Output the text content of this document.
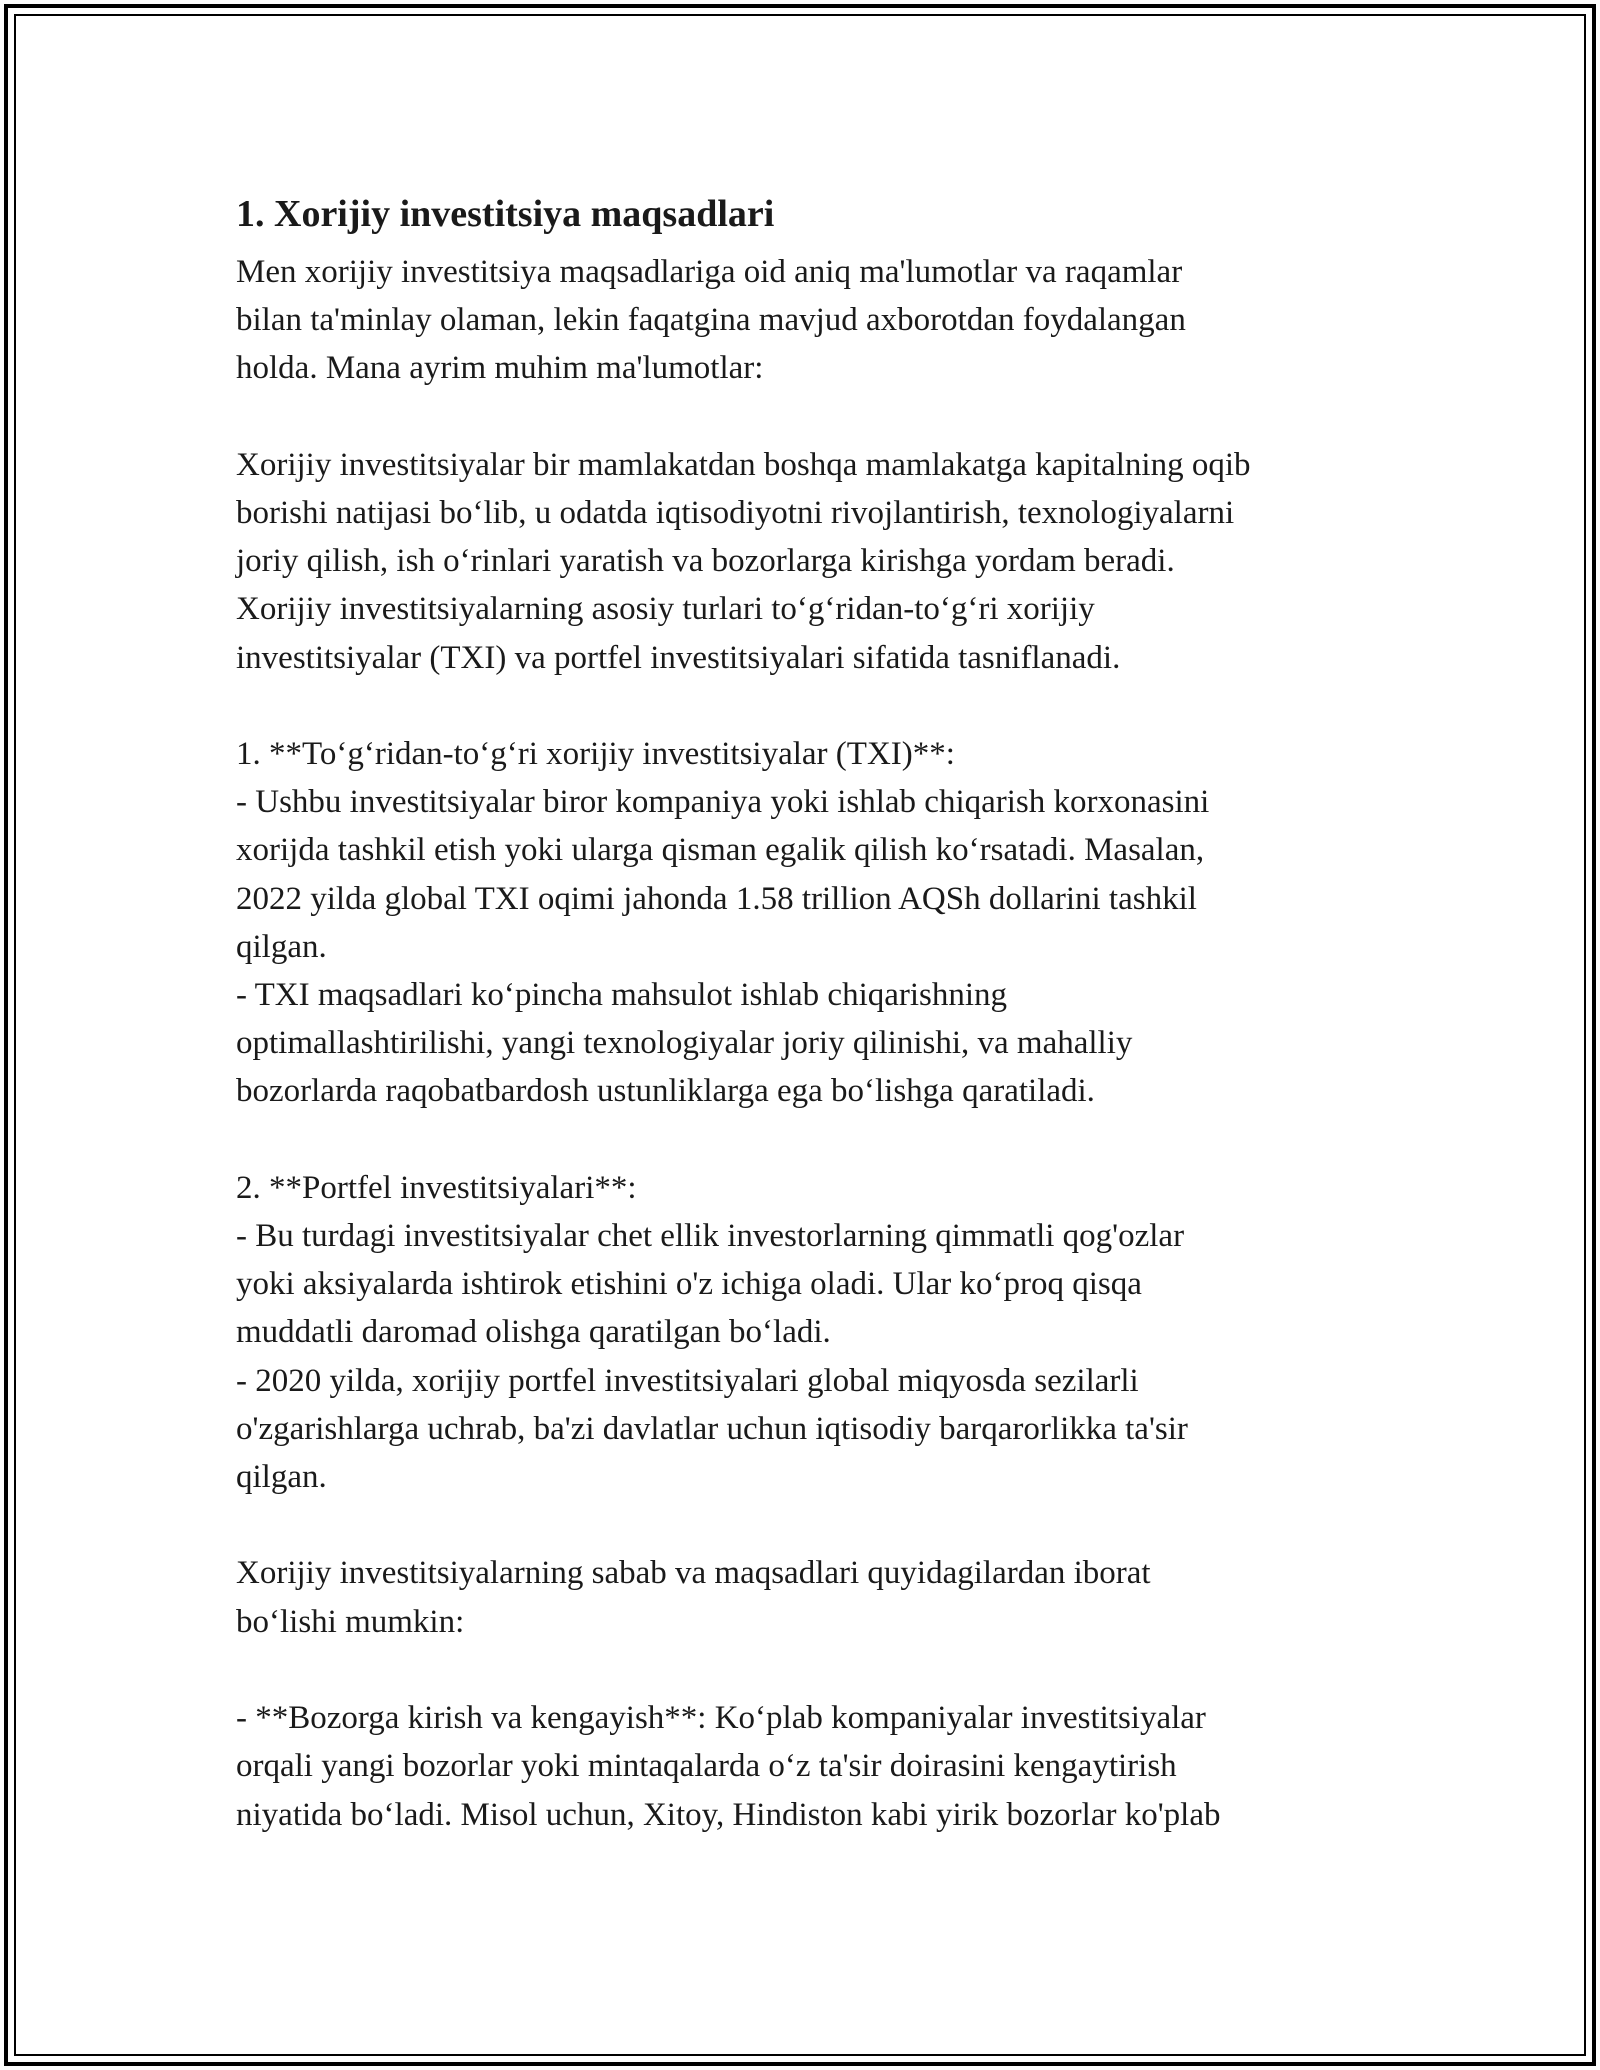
1. Xorijiy investitsiya maqsadlari

Men xorijiy investitsiya maqsadlariga oid aniq ma'lumotlar va raqamlar
bilan ta'minlay olaman, lekin faqatgina mavjud axborotdan foydalangan
holda. Mana ayrim muhim ma'lumotlar:

Xorijiy investitsiyalar bir mamlakatdan boshqa mamlakatga kapitalning oqib
borishi natijasi bo‘lib, u odatda iqtisodiyotni rivojlantirish, texnologiyalarni
joriy qilish, ish o‘rinlari yaratish va bozorlarga kirishga yordam beradi.
Xorijiy investitsiyalarning asosiy turlari to‘g‘ridan-to‘g‘ri xorijiy
investitsiyalar (TXI) va portfel investitsiyalari sifatida tasniflanadi.

1. **To‘g‘ridan-to‘g‘ri xorijiy investitsiyalar (TXI)**:
- Ushbu investitsiyalar biror kompaniya yoki ishlab chiqarish korxonasini
xorijda tashkil etish yoki ularga qisman egalik qilish ko‘rsatadi. Masalan,
2022 yilda global TXI oqimi jahonda 1.58 trillion AQSh dollarini tashkil
qilgan.
- TXI maqsadlari ko‘pincha mahsulot ishlab chiqarishning
optimallashtirilishi, yangi texnologiyalar joriy qilinishi, va mahalliy
bozorlarda raqobatbardosh ustunliklarga ega bo‘lishga qaratiladi.

2. **Portfel investitsiyalari**:
- Bu turdagi investitsiyalar chet ellik investorlarning qimmatli qog'ozlar
yoki aksiyalarda ishtirok etishini o'z ichiga oladi. Ular ko‘proq qisqa
muddatli daromad olishga qaratilgan bo‘ladi.
- 2020 yilda, xorijiy portfel investitsiyalari global miqyosda sezilarli
o'zgarishlarga uchrab, ba'zi davlatlar uchun iqtisodiy barqarorlikka ta'sir
qilgan.

Xorijiy investitsiyalarning sabab va maqsadlari quyidagilardan iborat
bo‘lishi mumkin:

- **Bozorga kirish va kengayish**: Ko‘plab kompaniyalar investitsiyalar
orqali yangi bozorlar yoki mintaqalarda o‘z ta'sir doirasini kengaytirish
niyatida bo‘ladi. Misol uchun, Xitoy, Hindiston kabi yirik bozorlar ko'plab
